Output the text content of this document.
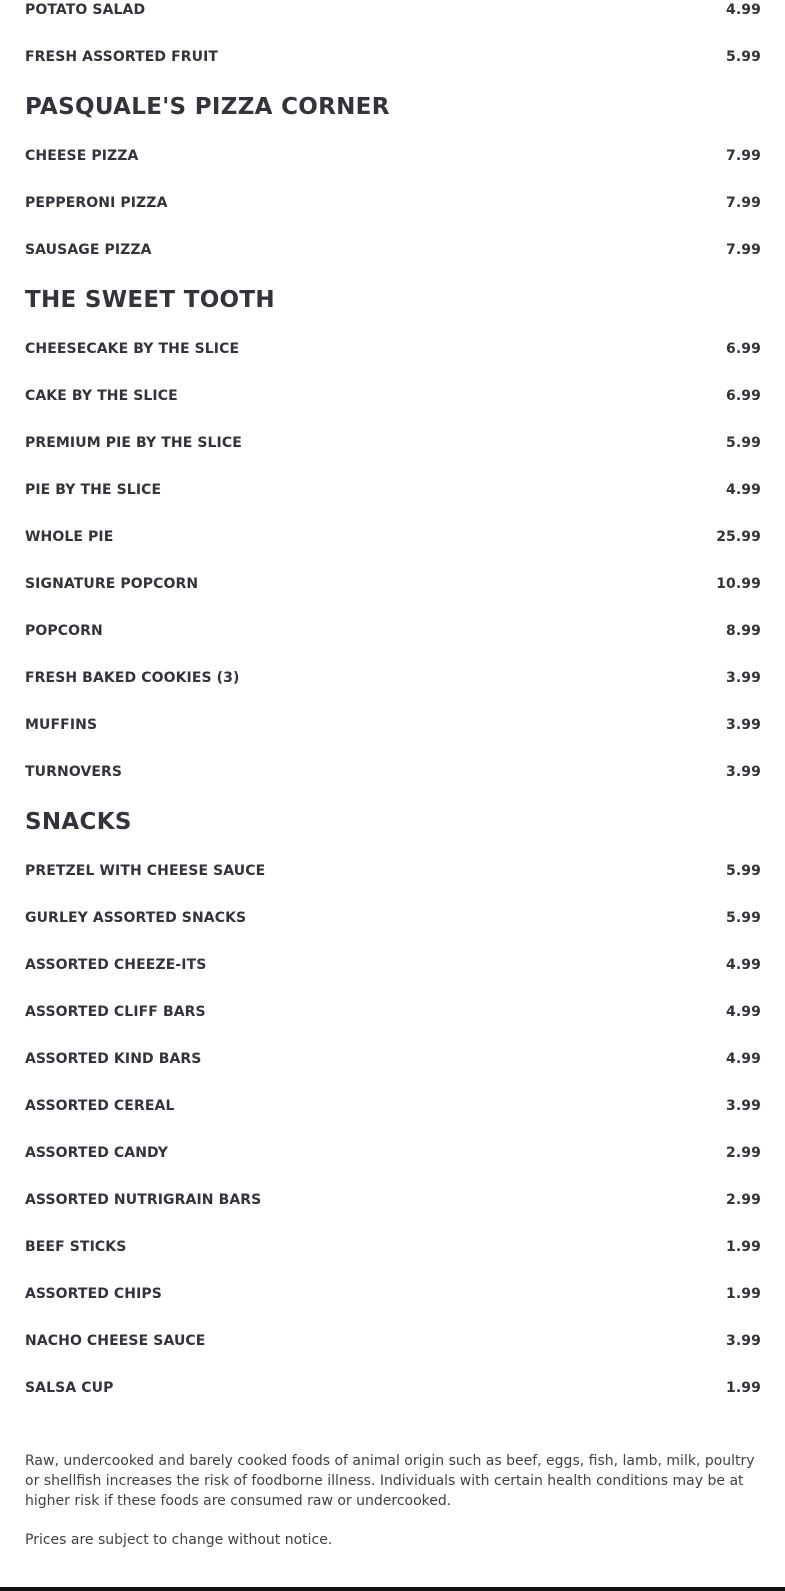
POTATO SALAD	4.99
FRESH ASSORTED FRUIT	5.99
PASQUALE'S PIZZA CORNER
CHEESE PIZZA	7.99
PEPPERONI PIZZA	7.99
SAUSAGE PIZZA	7.99
THE SWEET TOOTH
CHEESECAKE BY THE SLICE	6.99
CAKE BY THE SLICE	6.99
PREMIUM PIE BY THE SLICE	5.99
PIE BY THE SLICE	4.99
WHOLE PIE	25.99
SIGNATURE POPCORN	10.99
POPCORN	8.99
FRESH BAKED COOKIES (3)	3.99
MUFFINS	3.99
TURNOVERS	3.99
SNACKS
PRETZEL WITH CHEESE SAUCE	5.99
GURLEY ASSORTED SNACKS	5.99
ASSORTED CHEEZE-ITS	4.99
ASSORTED CLIFF BARS	4.99
ASSORTED KIND BARS	4.99
ASSORTED CEREAL	3.99
ASSORTED CANDY	2.99
ASSORTED NUTRIGRAIN BARS	2.99
BEEF STICKS	1.99
ASSORTED CHIPS	1.99
NACHO CHEESE SAUCE	3.99
SALSA CUP	1.99

Raw, undercooked and barely cooked foods of animal origin such as beef, eggs, fish, lamb, milk, poultry or shellfish increases the risk of foodborne illness. Individuals with certain health conditions may be at higher risk if these foods are consumed raw or undercooked.

Prices are subject to change without notice.
